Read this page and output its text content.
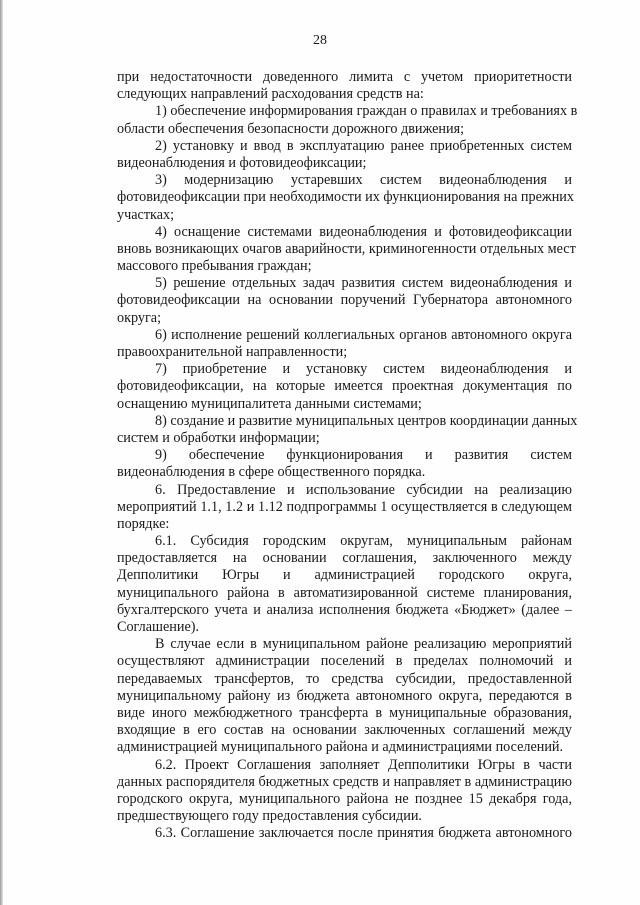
28
при недостаточности доведенного лимита с учетом приоритетности
следующих направлений расходования средств на:
1) обеспечение информирования граждан о правилах и требованиях в
области обеспечения безопасности дорожного движения;
2) установку и ввод в эксплуатацию ранее приобретенных систем
видеонаблюдения и фотовидеофиксации;
3) модернизацию устаревших систем видеонаблюдения и
фотовидеофиксации при необходимости их функционирования на прежних
участках;
4) оснащение системами видеонаблюдения и фотовидеофиксации
вновь возникающих очагов аварийности, криминогенности отдельных мест
массового пребывания граждан;
5) решение отдельных задач развития систем видеонаблюдения и
фотовидеофиксации на основании поручений Губернатора автономного
округа;
6) исполнение решений коллегиальных органов автономного округа
правоохранительной направленности;
7) приобретение и установку систем видеонаблюдения и
фотовидеофиксации, на которые имеется проектная документация по
оснащению муниципалитета данными системами;
8) создание и развитие муниципальных центров координации данных
систем и обработки информации;
9) обеспечение функционирования и развития систем
видеонаблюдения в сфере общественного порядка.
6. Предоставление и использование субсидии на реализацию
мероприятий 1.1, 1.2 и 1.12 подпрограммы 1 осуществляется в следующем
порядке:
6.1. Субсидия городским округам, муниципальным районам
предоставляется на основании соглашения, заключенного между
Депполитики Югры и администрацией городского округа,
муниципального района в автоматизированной системе планирования,
бухгалтерского учета и анализа исполнения бюджета «Бюджет» (далее –
Соглашение).
В случае если в муниципальном районе реализацию мероприятий
осуществляют администрации поселений в пределах полномочий и
передаваемых трансфертов, то средства субсидии, предоставленной
муниципальному району из бюджета автономного округа, передаются в
виде иного межбюджетного трансферта в муниципальные образования,
входящие в его состав на основании заключенных соглашений между
администрацией муниципального района и администрациями поселений.
6.2. Проект Соглашения заполняет Депполитики Югры в части
данных распорядителя бюджетных средств и направляет в администрацию
городского округа, муниципального района не позднее 15 декабря года,
предшествующего году предоставления субсидии.
6.3. Соглашение заключается после принятия бюджета автономного
